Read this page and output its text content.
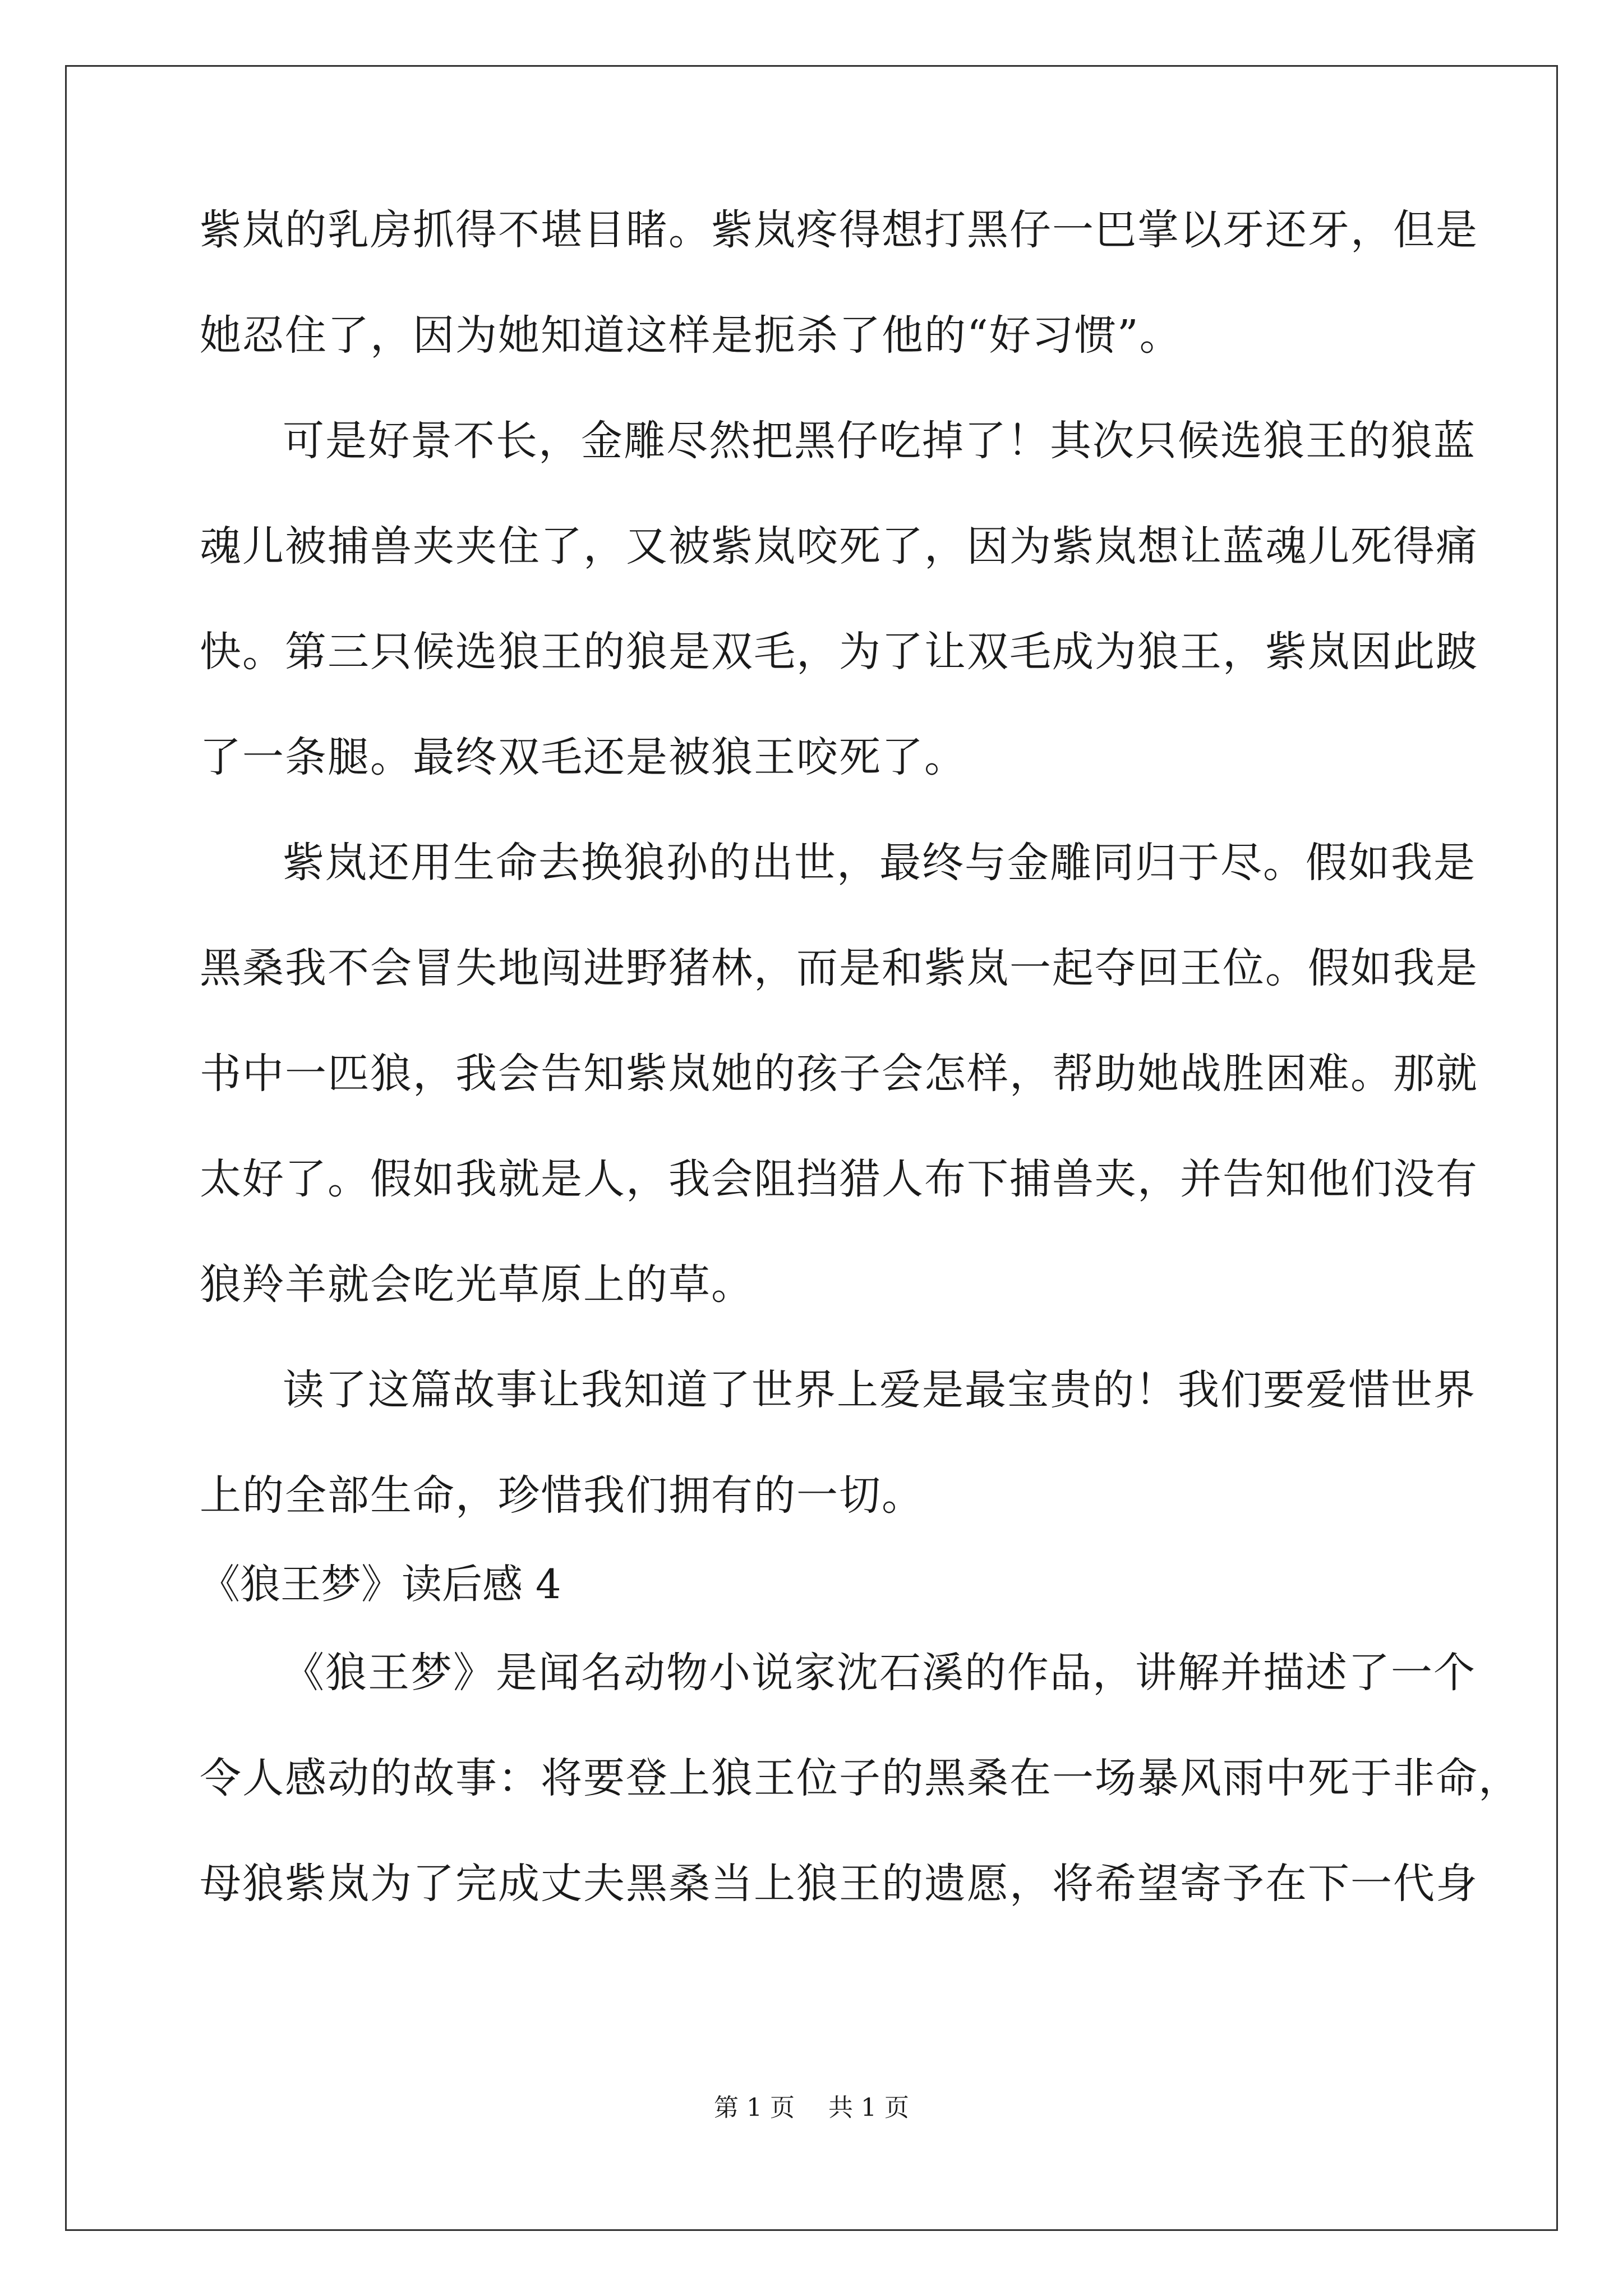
紫岚的乳房抓得不堪目睹。紫岚疼得想打黑仔一巴掌以牙还牙，但是
她忍住了，因为她知道这样是扼杀了他的“好习惯”。
可是好景不长，金雕尽然把黑仔吃掉了！其次只候选狼王的狼蓝
魂儿被捕兽夹夹住了，又被紫岚咬死了，因为紫岚想让蓝魂儿死得痛
快。第三只候选狼王的狼是双毛，为了让双毛成为狼王，紫岚因此跛
了一条腿。最终双毛还是被狼王咬死了。
紫岚还用生命去换狼孙的出世，最终与金雕同归于尽。假如我是
黑桑我不会冒失地闯进野猪林，而是和紫岚一起夺回王位。假如我是
书中一匹狼，我会告知紫岚她的孩子会怎样，帮助她战胜困难。那就
太好了。假如我就是人，我会阻挡猎人布下捕兽夹，并告知他们没有
狼羚羊就会吃光草原上的草。
读了这篇故事让我知道了世界上爱是最宝贵的！我们要爱惜世界
上的全部生命，珍惜我们拥有的一切。
《狼王梦》读后感 4
《狼王梦》是闻名动物小说家沈石溪的作品，讲解并描述了一个
令人感动的故事：将要登上狼王位子的黑桑在一场暴风雨中死于非命，
母狼紫岚为了完成丈夫黑桑当上狼王的遗愿，将希望寄予在下一代身
第 1 页 共 1 页
